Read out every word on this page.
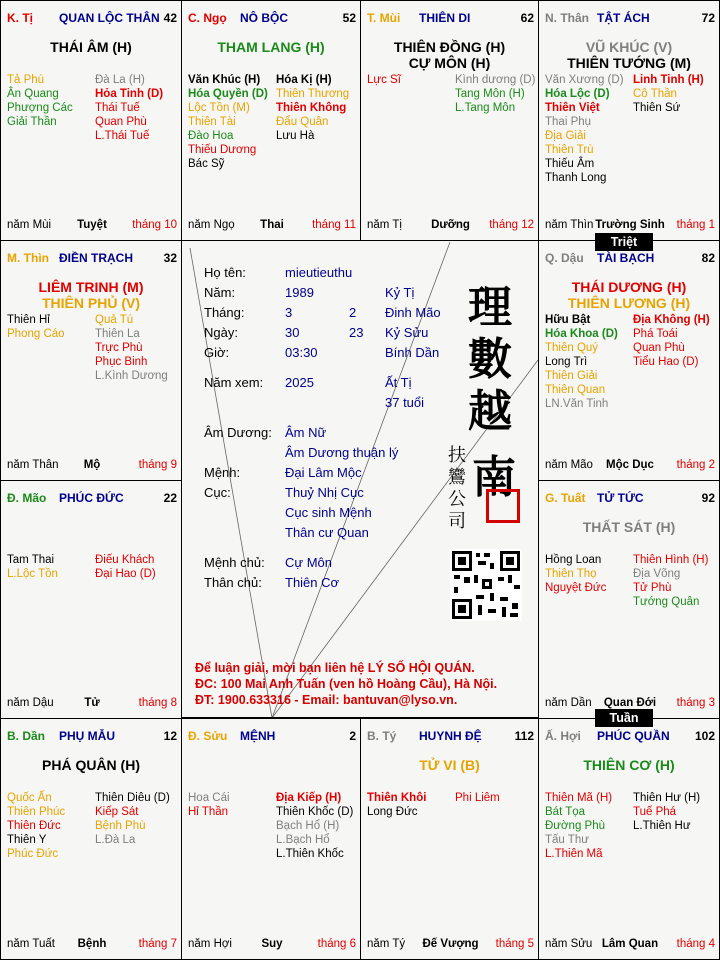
K. Tị QUAN LỘC THÂN 42
THÁI ÂM (H)
Tả Phù
Ân Quang
Phượng Các
Giải Thần
Đà La (H)
Hỏa Tinh (D)
Thái Tuế
Quan Phù
L.Thái Tuế
năm Mùi	Tuyệt	tháng 10
C. Ngọ NÔ BỘC	52
THAM LANG (H)
Văn Khúc (H)
Hóa Quyền (D)
Lộc Tồn (M)
Thiên Tài
Đào Hoa
Thiếu Dương
Bác Sỹ
Hóa Kị (H)
Thiên Thương
Thiên Không
Đẩu Quân
Lưu Hà
năm Ngọ	Thai	tháng 11
T. Mùi THIÊN DI	62
THIÊN ĐỒNG (H)
CỰ MÔN (H)
Lực Sĩ	Kình dương (D)
Tang Môn (H)
L.Tang Môn
năm Tị	Dưỡng	tháng 12
N. Thân TẬT ÁCH	72
VŨ KHÚC (V)
THIÊN TƯỚNG (M)
Văn Xương (D)
Hóa Lộc (D)
Thiên Việt
Thai Phụ
Địa Giải
Thiên Trù
Thiếu Âm
Thanh Long
Linh Tinh (H)
Cô Thần
Thiên Sứ
năm Thìn Trường Sinh	tháng 1
M. Thìn ĐIỀN TRẠCH	32
LIÊM TRINH (M)
THIÊN PHỦ (V)
Thiên Hỉ
Phong Cáo
Quả Tú
Thiên La
Trực Phù
Phục Binh
L.Kình Dương
năm Thân	Mộ	tháng 9
Q. Dậu TÀI BẠCH	82
THÁI DƯƠNG (H)
THIÊN LƯƠNG (H)
Hữu Bật
Hóa Khoa (D)
Thiên Quý
Long Trì
Thiên Giải
Thiên Quan
LN.Văn Tinh
Địa Không (H)
Phá Toái
Quan Phù
Tiểu Hao (D)
năm Mão	Mộc Dục	tháng 2
Đ. Mão PHÚC ĐỨC	22
Tam Thai
L.Lộc Tồn
Điếu Khách
Đại Hao (D)
năm Dậu	Tử	tháng 8
G. Tuất TỬ TỨC	92
THẤT SÁT (H)
Hồng Loan
Thiên Thọ
Nguyệt Đức
Thiên Hình (H)
Địa Võng
Tử Phù
Tướng Quân
năm Dần	Quan Đới	tháng 3
B. Dần PHỤ MẪU	12
PHÁ QUÂN (H)
Quốc Ấn
Thiên Phúc
Thiên Đức
Thiên Y
Phúc Đức
Thiên Diêu (D)
Kiếp Sát
Bệnh Phù
L.Đà La
năm Tuất	Bệnh	tháng 7
Đ. Sửu MỆNH	2
Hoa Cái
Hỉ Thần
Địa Kiếp (H)
Thiên Khốc (D)
Bạch Hổ (H)
L.Bạch Hổ
L.Thiên Khốc
năm Hợi	Suy	tháng 6
B. Tý HUYNH ĐỆ	112
TỬ VI (B)
Thiên Khôi
Long Đức
Phi Liêm
năm Tý	Đế Vượng	tháng 5
Ấ. Hợi PHÚC QUẦN 102
THIÊN CƠ (H)
Thiên Mã (H)
Bát Tọa
Đường Phù
Tấu Thư
L.Thiên Mã
Thiên Hư (H)
Tuế Phá
L.Thiên Hư
năm Sửu Lâm Quan	tháng 4
Họ tên:	mieutieuthu
Năm:	1989	Kỷ Tị
Tháng:	3	2 Đinh Mão
Ngày:	30	23 Kỷ Sửu
Giờ:	03:30	Bính Dần
Năm xem: 2025	Ất Tị
37 tuổi
Âm Dương: Âm Nữ
Âm Dương thuận lý
Mệnh:	Đại Lâm Mộc
Cục:	Thuỷ Nhị Cục
Cục sinh Mệnh
Thân cư Quan
Mệnh chủ: Cự Môn
Thân chủ: Thiên Cơ
理
數
越
南
扶
鸞
公
司
Để luận giải, mời bạn liên hệ LÝ SỐ HỘI QUÁN.
ĐC: 100 Mai Anh Tuấn (ven hồ Hoàng Cầu), Hà Nội.
ĐT: 1900.633316 - Email: bantuvan@lyso.vn.
Triệt
Tuần
